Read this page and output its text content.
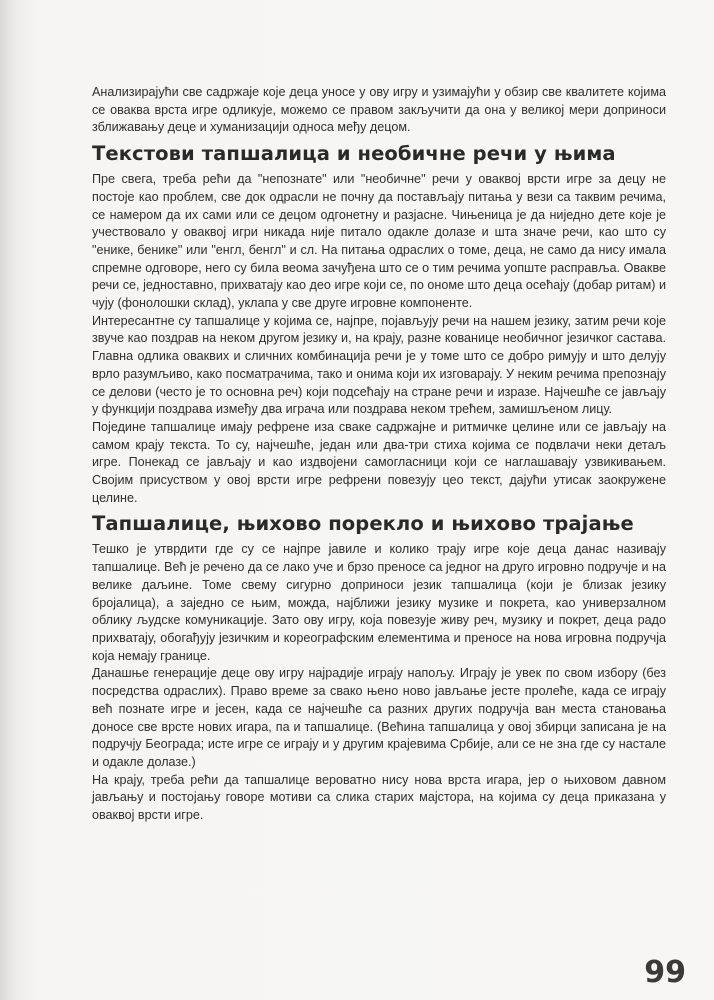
Анализирајући све садржаје које деца уносе у ову игру и узимајући у обзир све квалитете којима се оваква врста игре одликује, можемо се правом закључити да она у великој мери доприноси зближавању деце и хуманизацији односа међу децом.

Текстови тапшалица и необичне речи у њима

Пре свега, треба рећи да "непознате" или "необичне" речи у оваквој врсти игре за децу не постоје као проблем, све док одрасли не почну да постављају питања у вези са таквим речима, се намером да их сами или се децом одгонетну и разјасне. Чињеница је да ниједно дете које је учествовало у оваквој игри никада није питало одакле долазе и шта значе речи, као што су "еникe, беникe" или "енгл, бенгл" и сл. На питања одраслих о томе, деца, не само да нису имала спремне одговоре, него су била веома зачуђена што се о тим речима уопште расправља. Овакве речи се, једноставно, прихватају као део игре који се, по ономе што деца осећају (добар ритам) и чују (фонолошки склад), уклапа у све друге игровне компоненте.

Интересантне су тапшалице у којима се, најпре, појављују речи на нашем језику, затим речи које звуче као поздрав на неком другом језику и, на крају, разне кованице необичног језичког састава. Главна одлика оваквих и сличних комбинација речи је у томе што се добро римују и што делују врло разумљиво, како посматрачима, тако и онима који их изговарају. У неким речима препознају се делови (често је то основна реч) који подсећају на стране речи и изразе. Најчешће се јављају у функцији поздрава између два играча или поздрава неком трећем, замишљеном лицу.

Поједине тапшалице имају рефрене иза сваке садржајне и ритмичке целине или се јављају на самом крају текста. То су, најчешће, један или два-три стиха којима се подвлачи неки детаљ игре. Понекад се јављају и као издвојени самогласници који се наглашавају узвикивањем. Својим присуством у овој врсти игре рефрени повезују цео текст, дајући утисак заокружене целине.

Тапшалице, њихово порекло и њихово трајање

Тешко је утврдити где су се најпре јавиле и колико трају игре које деца данас називају тапшалице. Већ је речено да се лако уче и брзо преносе са једног на друго игровно подручје и на велике даљине. Томе свему сигурно доприноси језик тапшалица (који је близак језику бројалица), а заједно се њим, можда, најближи језику музике и покрета, као универзалном облику људске комуникације. Зато ову игру, која повезује живу реч, музику и покрет, деца радо прихватају, обогађују језичким и кореографским елементима и преносе на нова игровна подручја која немају границе.

Данашње генерације деце ову игру најрадије играју напољу. Играју је увек по свом избору (без посредства одраслих). Право време за свако њено ново јављање јесте пролеће, када се играју већ познате игре и јесен, када се најчешће са разних других подручја ван места становања доносе све врсте нових игара, па и тапшалице. (Већина тапшалица у овој збирци записана је на подручју Београда; исте игре се играју и у другим крајевима Србије, али се не зна где су настале и одакле долазе.)

На крају, треба рећи да тапшалице вероватно нису нова врста игара, јер о њиховом давном јављању и постојању говоре мотиви са слика старих мајстора, на којима су деца приказана у оваквој врсти игре.

99
